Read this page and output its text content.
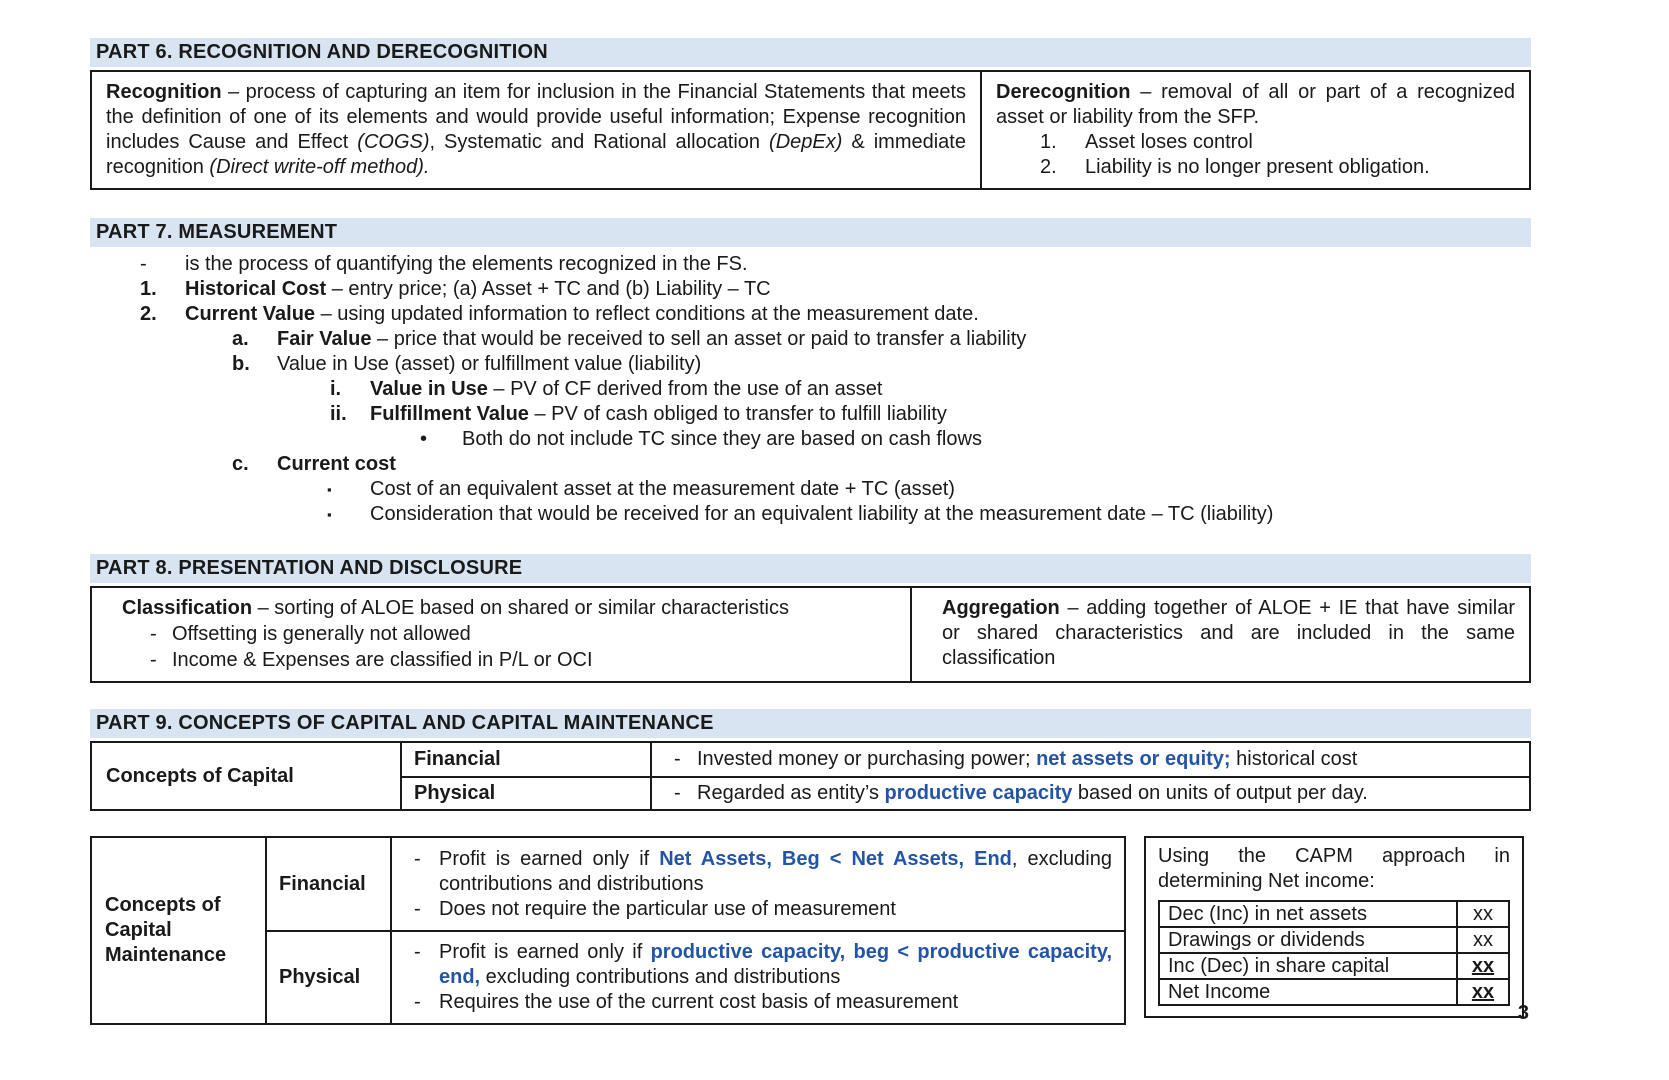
PART 6. RECOGNITION AND DERECOGNITION
Recognition – process of capturing an item for inclusion in the Financial Statements that meets the definition of one of its elements and would provide useful information; Expense recognition includes Cause and Effect (COGS), Systematic and Rational allocation (DepEx) & immediate recognition (Direct write-off method).
Derecognition – removal of all or part of a recognized asset or liability from the SFP.
1.	Asset loses control
2.	Liability is no longer present obligation.
PART 7. MEASUREMENT
-	is the process of quantifying the elements recognized in the FS.
1.	Historical Cost – entry price; (a) Asset + TC and (b) Liability – TC
2.	Current Value – using updated information to reflect conditions at the measurement date.
a.	Fair Value – price that would be received to sell an asset or paid to transfer a liability
b.	Value in Use (asset) or fulfillment value (liability)
i.	Value in Use – PV of CF derived from the use of an asset
ii.	Fulfillment Value – PV of cash obliged to transfer to fulfill liability
•	Both do not include TC since they are based on cash flows
c.	Current cost
▪	Cost of an equivalent asset at the measurement date + TC (asset)
▪	Consideration that would be received for an equivalent liability at the measurement date – TC (liability)
PART 8. PRESENTATION AND DISCLOSURE
Classification – sorting of ALOE based on shared or similar characteristics
- Offsetting is generally not allowed
- Income & Expenses are classified in P/L or OCI
Aggregation – adding together of ALOE + IE that have similar or shared characteristics and are included in the same classification
PART 9. CONCEPTS OF CAPITAL AND CAPITAL MAINTENANCE
Concepts of Capital
Financial	- Invested money or purchasing power; net assets or equity; historical cost
Physical	- Regarded as entity’s productive capacity based on units of output per day.
Concepts of Capital Maintenance
Financial
- Profit is earned only if Net Assets, Beg < Net Assets, End, excluding contributions and distributions
- Does not require the particular use of measurement
Physical
- Profit is earned only if productive capacity, beg < productive capacity, end, excluding contributions and distributions
- Requires the use of the current cost basis of measurement
Using the CAPM approach in determining Net income:
Dec (Inc) in net assets	xx
Drawings or dividends	xx
Inc (Dec) in share capital	xx
Net Income	xx
3
